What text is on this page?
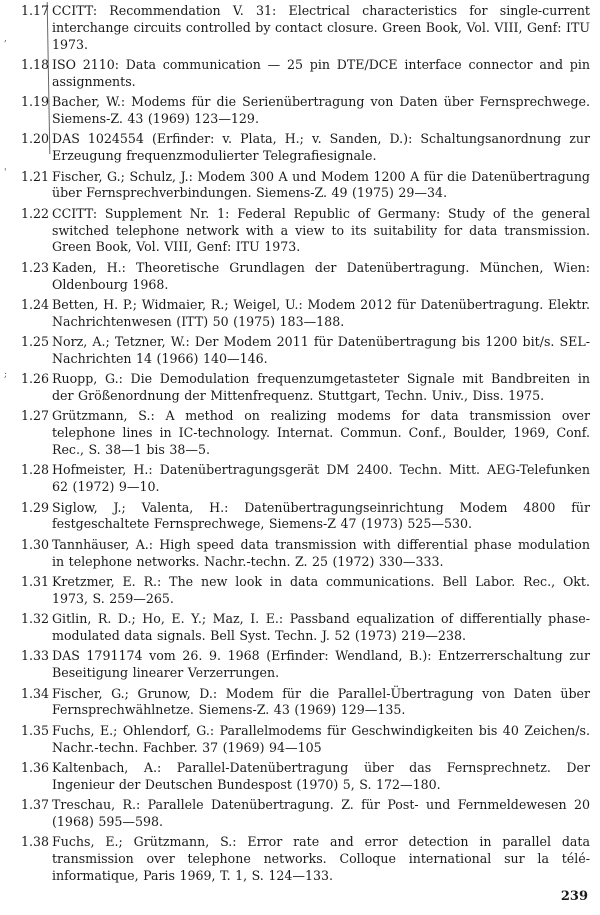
,
'
;
1.17 CCITT: Recommendation V. 31: Electrical characteristics for single-current interchange circuits controlled by contact closure. Green Book, Vol. VIII, Genf: ITU 1973.
1.18 ISO 2110: Data communication — 25 pin DTE/DCE interface connector and pin assignments.
1.19 Bacher, W.: Modems für die Serienübertragung von Daten über Fernsprechwege. Siemens-Z. 43 (1969) 123—129.
1.20 DAS 1024554 (Erfinder: v. Plata, H.; v. Sanden, D.): Schaltungsanordnung zur Erzeugung frequenzmodulierter Telegrafiesignale.
1.21 Fischer, G.; Schulz, J.: Modem 300 A und Modem 1200 A für die Datenübertragung über Fernsprechverbindungen. Siemens-Z. 49 (1975) 29—34.
1.22 CCITT: Supplement Nr. 1: Federal Republic of Germany: Study of the general switched telephone network with a view to its suitability for data transmission. Green Book, Vol. VIII, Genf: ITU 1973.
1.23 Kaden, H.: Theoretische Grundlagen der Datenübertragung. München, Wien: Oldenbourg 1968.
1.24 Betten, H. P.; Widmaier, R.; Weigel, U.: Modem 2012 für Datenübertragung. Elektr. Nachrichtenwesen (ITT) 50 (1975) 183—188.
1.25 Norz, A.; Tetzner, W.: Der Modem 2011 für Datenübertragung bis 1200 bit/s. SEL-Nachrichten 14 (1966) 140—146.
1.26 Ruopp, G.: Die Demodulation frequenzumgetasteter Signale mit Bandbreiten in der Größenordnung der Mittenfrequenz. Stuttgart, Techn. Univ., Diss. 1975.
1.27 Grützmann, S.: A method on realizing modems for data transmission over telephone lines in IC-technology. Internat. Commun. Conf., Boulder, 1969, Conf. Rec., S. 38—1 bis 38—5.
1.28 Hofmeister, H.: Datenübertragungsgerät DM 2400. Techn. Mitt. AEG-Telefunken 62 (1972) 9—10.
1.29 Siglow, J.; Valenta, H.: Datenübertragungseinrichtung Modem 4800 für festgeschaltete Fernsprechwege, Siemens-Z 47 (1973) 525—530.
1.30 Tannhäuser, A.: High speed data transmission with differential phase modulation in telephone networks. Nachr.-techn. Z. 25 (1972) 330—333.
1.31 Kretzmer, E. R.: The new look in data communications. Bell Labor. Rec., Okt. 1973, S. 259—265.
1.32 Gitlin, R. D.; Ho, E. Y.; Maz, I. E.: Passband equalization of differentially phase-modulated data signals. Bell Syst. Techn. J. 52 (1973) 219—238.
1.33 DAS 1791174 vom 26. 9. 1968 (Erfinder: Wendland, B.): Entzerrerschaltung zur Beseitigung linearer Verzerrungen.
1.34 Fischer, G.; Grunow, D.: Modem für die Parallel-Übertragung von Daten über Fernsprechwählnetze. Siemens-Z. 43 (1969) 129—135.
1.35 Fuchs, E.; Ohlendorf, G.: Parallelmodems für Geschwindigkeiten bis 40 Zeichen/s. Nachr.-techn. Fachber. 37 (1969) 94—105
1.36 Kaltenbach, A.: Parallel-Datenübertragung über das Fernsprechnetz. Der Ingenieur der Deutschen Bundespost (1970) 5, S. 172—180.
1.37 Treschau, R.: Parallele Datenübertragung. Z. für Post- und Fernmeldewesen 20 (1968) 595—598.
1.38 Fuchs, E.; Grützmann, S.: Error rate and error detection in parallel data transmission over telephone networks. Colloque international sur la télé-informatique, Paris 1969, T. 1, S. 124—133.
239
